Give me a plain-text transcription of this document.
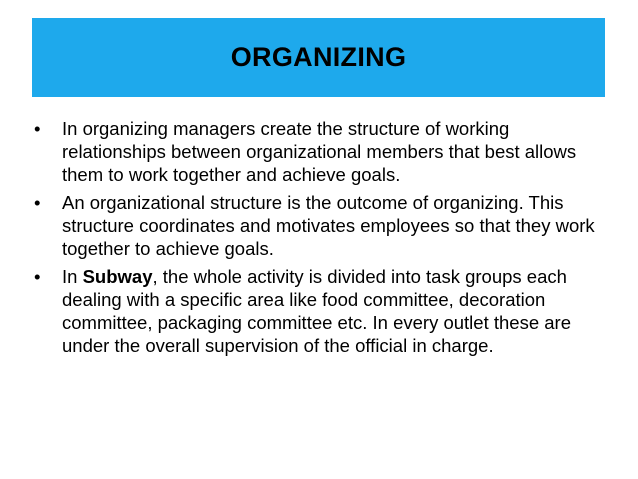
ORGANIZING
•	In organizing managers create the structure of working relationships between organizational members that best allows them to work together and achieve goals.
•	An organizational structure is the outcome of organizing. This structure coordinates and motivates employees so that they work together to achieve goals.
•	In Subway, the whole activity is divided into task groups each dealing with a specific area like food committee, decoration committee, packaging committee etc. In every outlet these are under the overall supervision of the official in charge.
